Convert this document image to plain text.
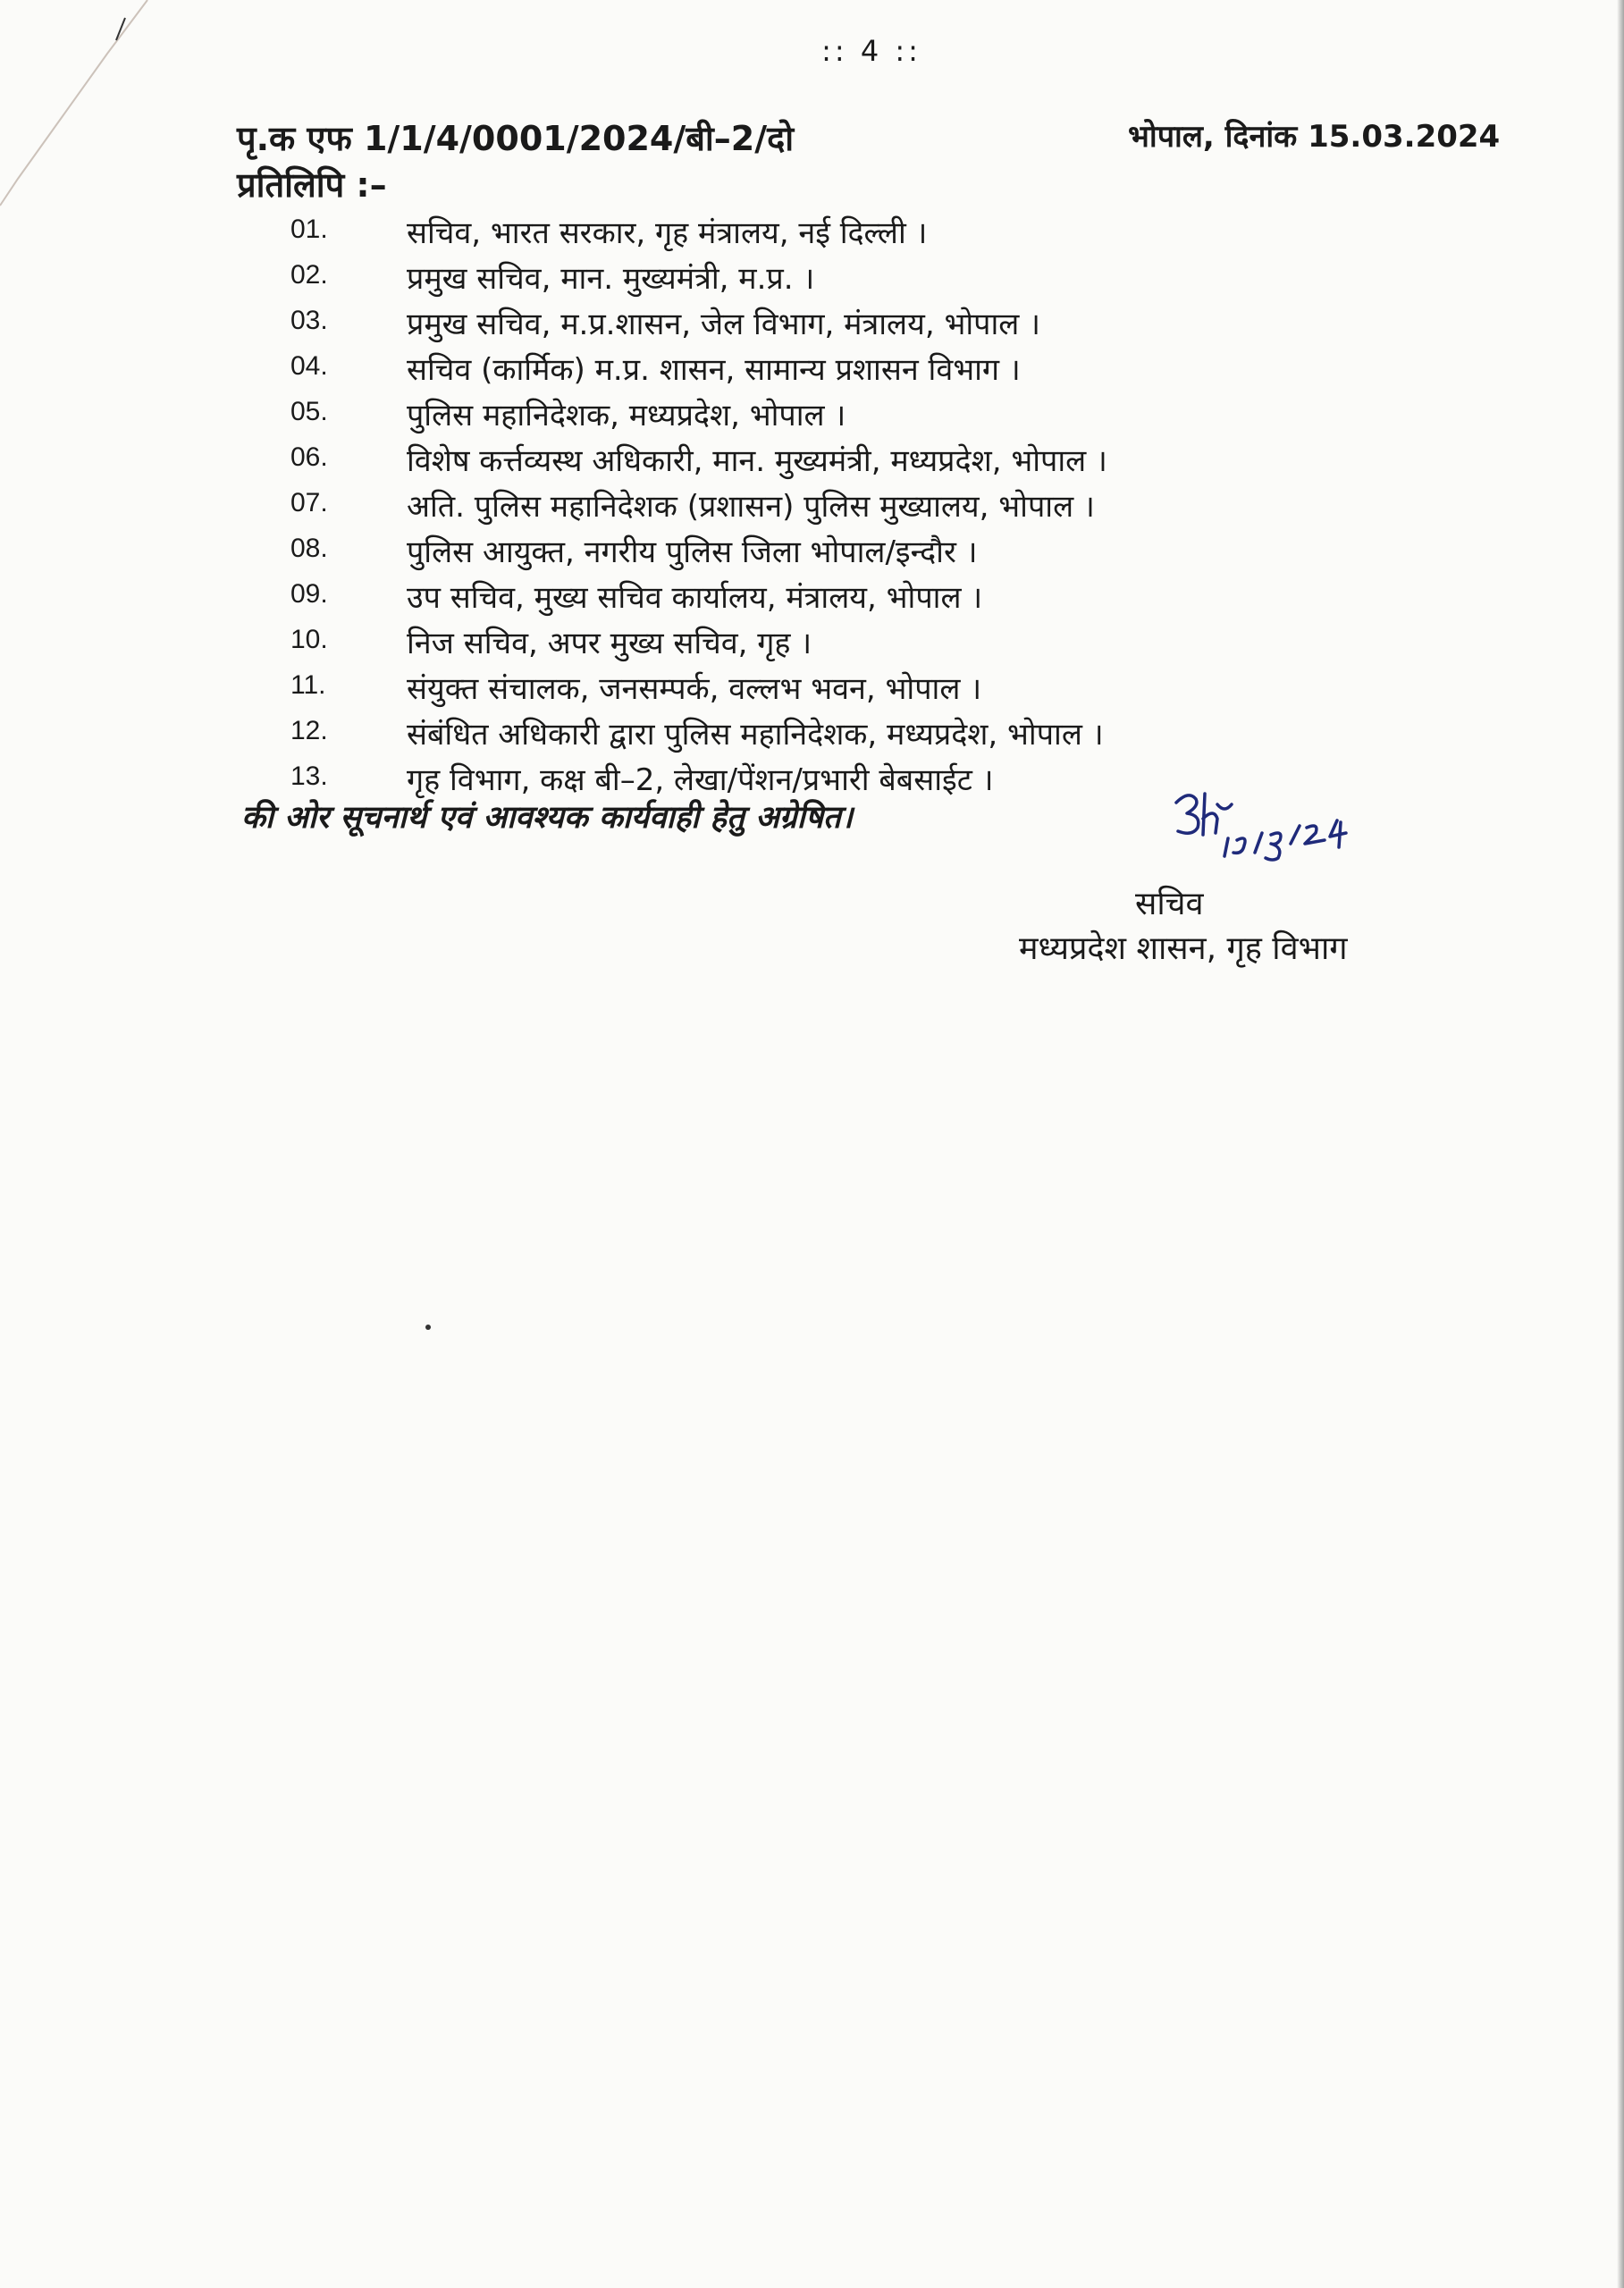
:: 4 ::
पृ.क एफ 1/1/4/0001/2024/बी–2/दो	भोपाल, दिनांक 15.03.2024
प्रतिलिपि :–
01.	सचिव, भारत सरकार, गृह मंत्रालय, नई दिल्ली ।
02.	प्रमुख सचिव, मान. मुख्यमंत्री, म.प्र. ।
03.	प्रमुख सचिव, म.प्र.शासन, जेल विभाग, मंत्रालय, भोपाल ।
04.	सचिव (कार्मिक) म.प्र. शासन, सामान्य प्रशासन विभाग ।
05.	पुलिस महानिदेशक, मध्यप्रदेश, भोपाल ।
06.	विशेष कर्त्तव्यस्थ अधिकारी, मान. मुख्यमंत्री, मध्यप्रदेश, भोपाल ।
07.	अति. पुलिस महानिदेशक (प्रशासन) पुलिस मुख्यालय, भोपाल ।
08.	पुलिस आयुक्त, नगरीय पुलिस जिला भोपाल/इन्दौर ।
09.	उप सचिव, मुख्य सचिव कार्यालय, मंत्रालय, भोपाल ।
10.	निज सचिव, अपर मुख्य सचिव, गृह ।
11.	संयुक्त संचालक, जनसम्पर्क, वल्लभ भवन, भोपाल ।
12.	संबंधित अधिकारी द्वारा पुलिस महानिदेशक, मध्यप्रदेश, भोपाल ।
13.	गृह विभाग, कक्ष बी–2, लेखा/पेंशन/प्रभारी बेबसाईट ।
की ओर सूचनार्थ एवं आवश्यक कार्यवाही हेतु अग्रेषित।
सचिव
मध्यप्रदेश शासन, गृह विभाग
